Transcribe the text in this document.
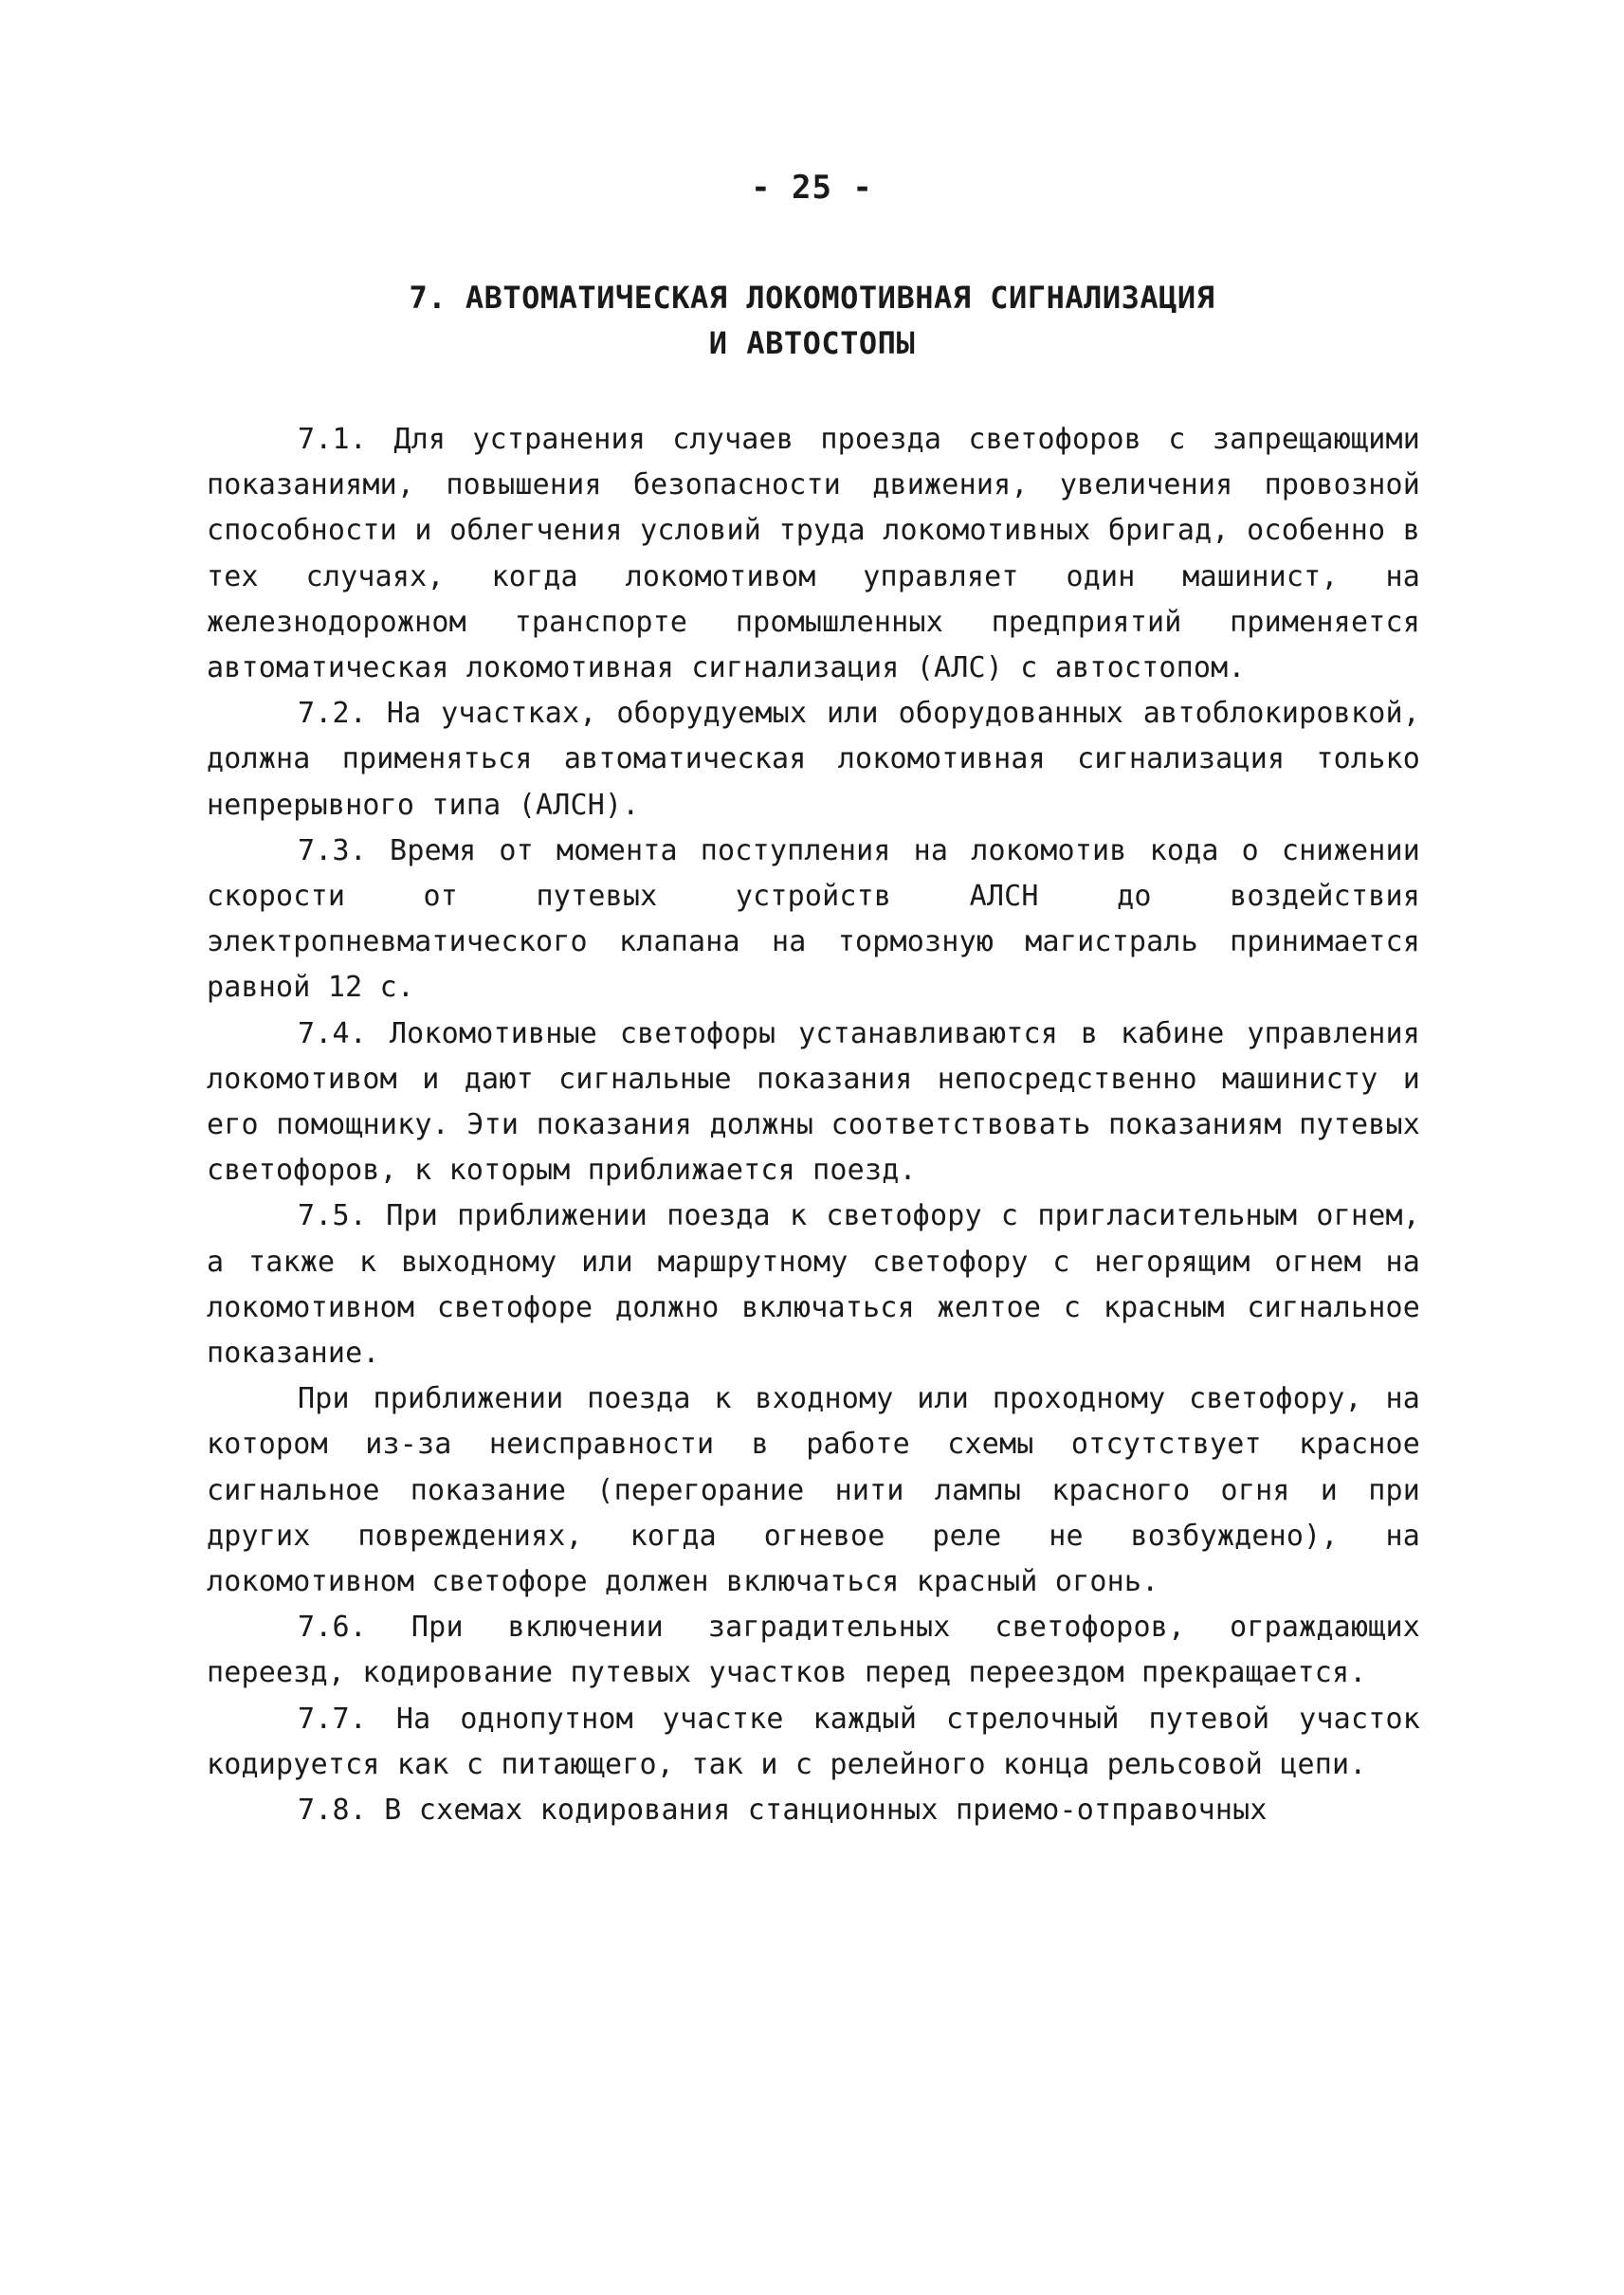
- 25 -
7. АВТОМАТИЧЕСКАЯ ЛОКОМОТИВНАЯ СИГНАЛИЗАЦИЯ
И АВТОСТОПЫ

7.1. Для устранения случаев проезда светофоров с запрещающими показаниями, повышения безопасности движения, увеличения провозной способности и облегчения условий труда локомотивных бригад, особенно в тех случаях, когда локомотивом управляет один машинист, на железнодорожном транспорте промышленных предприятий применяется автоматическая локомотивная сигнализация (АЛС) с автостопом.

7.2. На участках, оборудуемых или оборудованных автоблокировкой, должна применяться автоматическая локомотивная сигнализация только непрерывного типа (АЛСН).

7.3. Время от момента поступления на локомотив кода о снижении скорости от путевых устройств АЛСН до воздействия электропневматического клапана на тормозную магистраль принимается равной 12 с.

7.4. Локомотивные светофоры устанавливаются в кабине управления локомотивом и дают сигнальные показания непосредственно машинисту и его помощнику. Эти показания должны соответствовать показаниям путевых светофоров, к которым приближается поезд.

7.5. При приближении поезда к светофору с пригласительным огнем, а также к выходному или маршрутному светофору с негорящим огнем на локомотивном светофоре должно включаться желтое с красным сигнальное показание.

При приближении поезда к входному или проходному светофору, на котором из-за неисправности в работе схемы отсутствует красное сигнальное показание (перегорание нити лампы красного огня и при других повреждениях, когда огневое реле не возбуждено), на локомотивном светофоре должен включаться красный огонь.

7.6. При включении заградительных светофоров, ограждающих переезд, кодирование путевых участков перед переездом прекращается.

7.7. На однопутном участке каждый стрелочный путевой участок кодируется как с питающего, так и с релейного конца рельсовой цепи.

7.8. В схемах кодирования станционных приемо-отправочных
